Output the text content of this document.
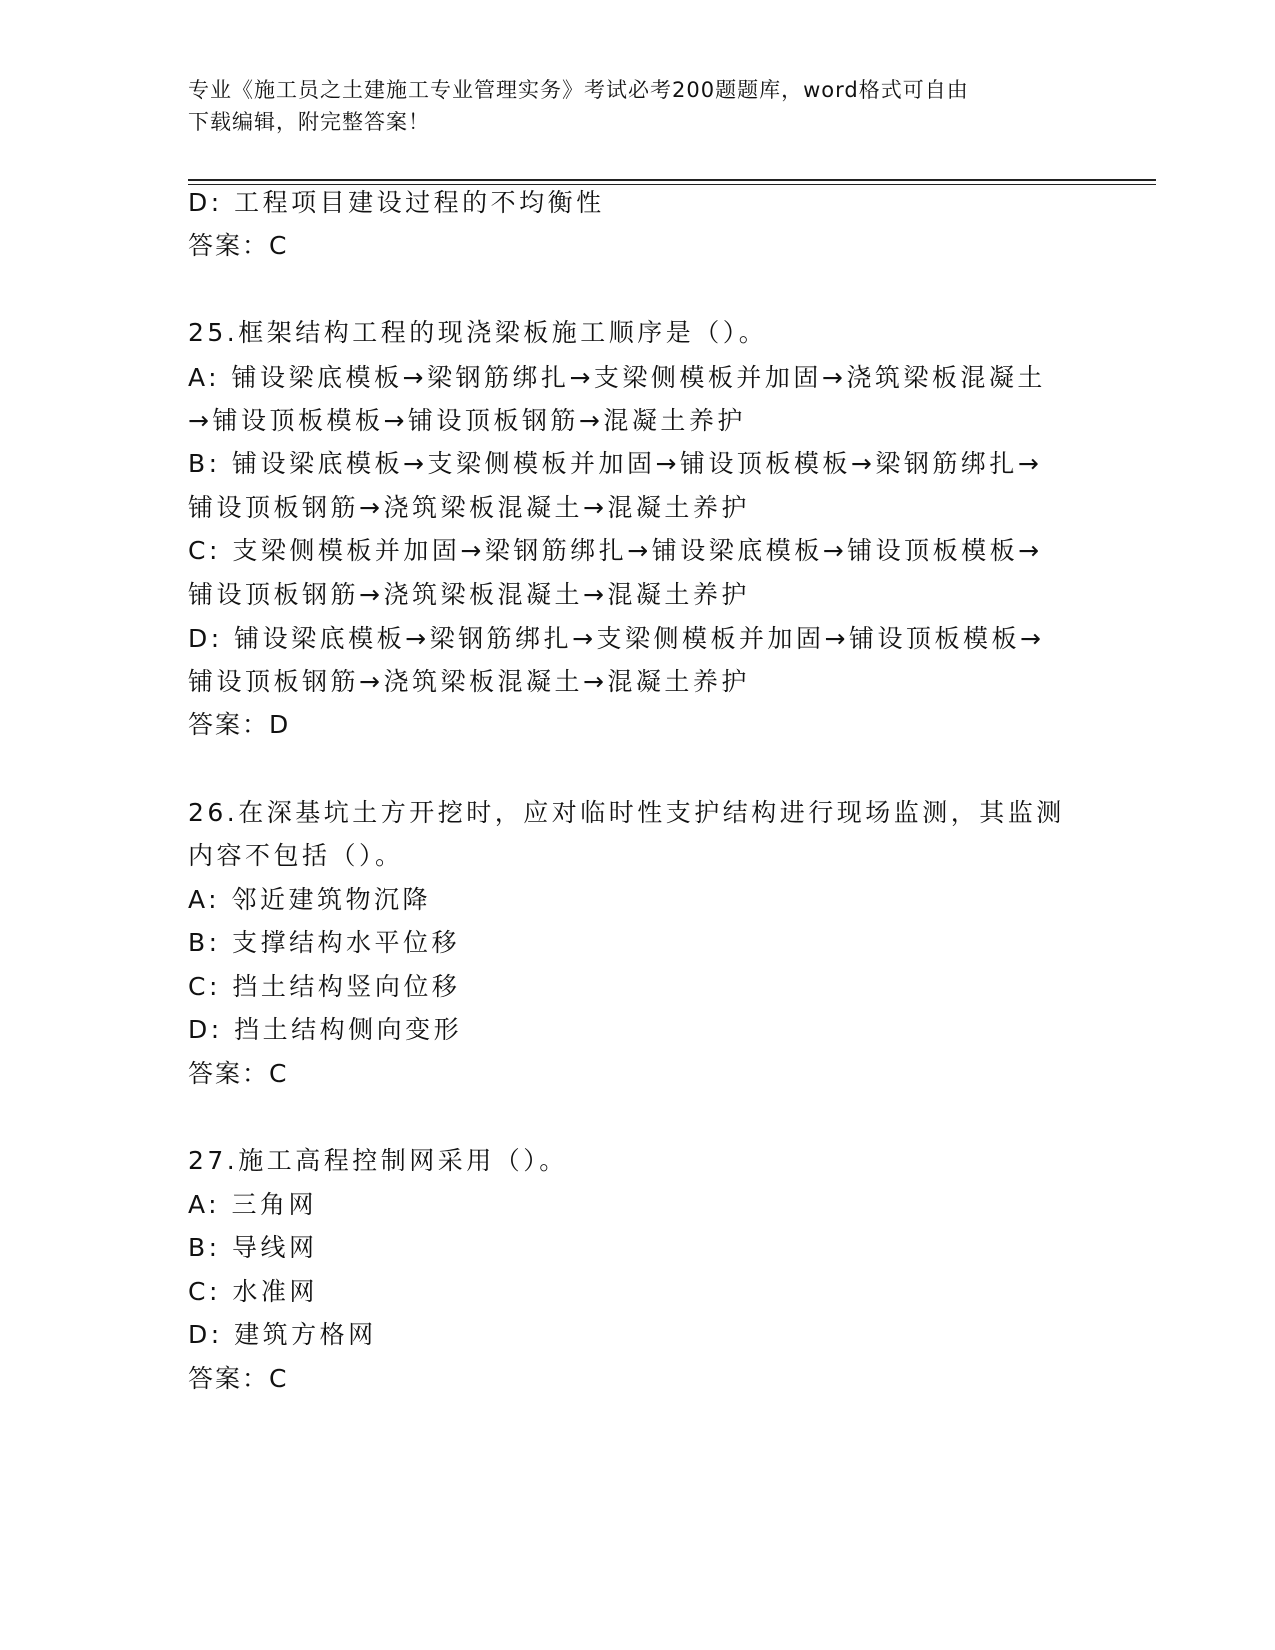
专业《施工员之土建施工专业管理实务》考试必考200题题库，word格式可自由
下载编辑，附完整答案！

D: 工程项目建设过程的不均衡性

答案：C

25.框架结构工程的现浇梁板施工顺序是（）。

A: 铺设梁底模板→梁钢筋绑扎→支梁侧模板并加固→浇筑梁板混凝土

→铺设顶板模板→铺设顶板钢筋→混凝土养护

B: 铺设梁底模板→支梁侧模板并加固→铺设顶板模板→梁钢筋绑扎→

铺设顶板钢筋→浇筑梁板混凝土→混凝土养护

C: 支梁侧模板并加固→梁钢筋绑扎→铺设梁底模板→铺设顶板模板→

铺设顶板钢筋→浇筑梁板混凝土→混凝土养护

D: 铺设梁底模板→梁钢筋绑扎→支梁侧模板并加固→铺设顶板模板→

铺设顶板钢筋→浇筑梁板混凝土→混凝土养护

答案：D

26.在深基坑土方开挖时，应对临时性支护结构进行现场监测，其监测

内容不包括（）。

A: 邻近建筑物沉降

B: 支撑结构水平位移

C: 挡土结构竖向位移

D: 挡土结构侧向变形

答案：C

27.施工高程控制网采用（）。

A: 三角网

B: 导线网

C: 水准网

D: 建筑方格网

答案：C
